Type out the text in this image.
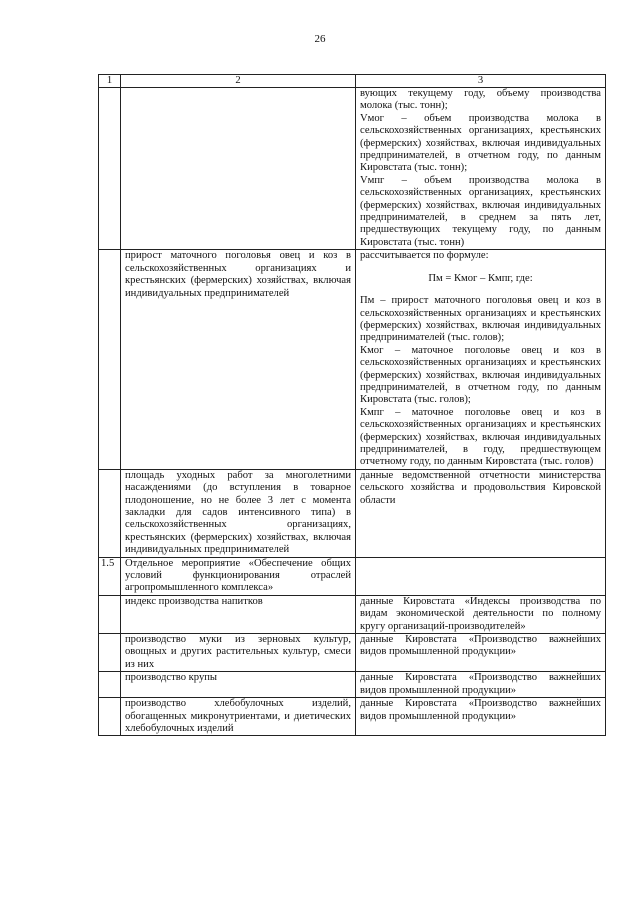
26
1	2	3

		вующих текущему году, объему производства молока (тыс. тонн);

Vмог – объем производства молока в сельскохозяйственных организациях, крестьянских (фермерских) хозяйствах, включая индивидуальных предпринимателей, в отчетном году, по данным Кировстата (тыс. тонн);

Vмпг – объем производства молока в сельскохозяйственных организациях, крестьянских (фермерских) хозяйствах, включая индивидуальных предпринимателей, в среднем за пять лет, предшествующих текущему году, по данным Кировстата (тыс. тонн)

	прирост маточного поголовья овец и коз в сельскохозяйственных организациях и крестьянских (фермерских) хозяйствах, включая индивидуальных предпринимателей	рассчитывается по формуле:

Пм = Кмог – Кмпг, где:

Пм – прирост маточного поголовья овец и коз в сельскохозяйственных организациях и крестьянских (фермерских) хозяйствах, включая индивидуальных предпринимателей (тыс. голов);

Кмог – маточное поголовье овец и коз в сельскохозяйственных организациях и крестьянских (фермерских) хозяйствах, включая индивидуальных предпринимателей, в отчетном году, по данным Кировстата (тыс. голов);

Кмпг – маточное поголовье овец и коз в сельскохозяйственных организациях и крестьянских (фермерских) хозяйствах, включая индивидуальных предпринимателей, в году, предшествующем отчетному году, по данным Кировстата (тыс. голов)

	площадь уходных работ за многолетними насаждениями (до вступления в товарное плодоношение, но не более 3 лет с момента закладки для садов интенсивного типа) в сельскохозяйственных организациях, крестьянских (фермерских) хозяйствах, включая индивидуальных предпринимателей	данные ведомственной отчетности министерства сельского хозяйства и продовольствия Кировской области

1.5	Отдельное мероприятие «Обеспечение общих условий функционирования отраслей агропромышленного комплекса»	
	индекс производства напитков	данные Кировстата «Индексы производства по видам экономической деятельности по полному кругу организаций-производителей»
	производство муки из зерновых культур, овощных и других растительных культур, смеси из них	данные Кировстата «Производство важнейших видов промышленной продукции»
	производство крупы	данные Кировстата «Производство важнейших видов промышленной продукции»
	производство хлебобулочных изделий, обогащенных микронутриентами, и диетических хлебобулочных изделий	данные Кировстата «Производство важнейших видов промышленной продукции»
